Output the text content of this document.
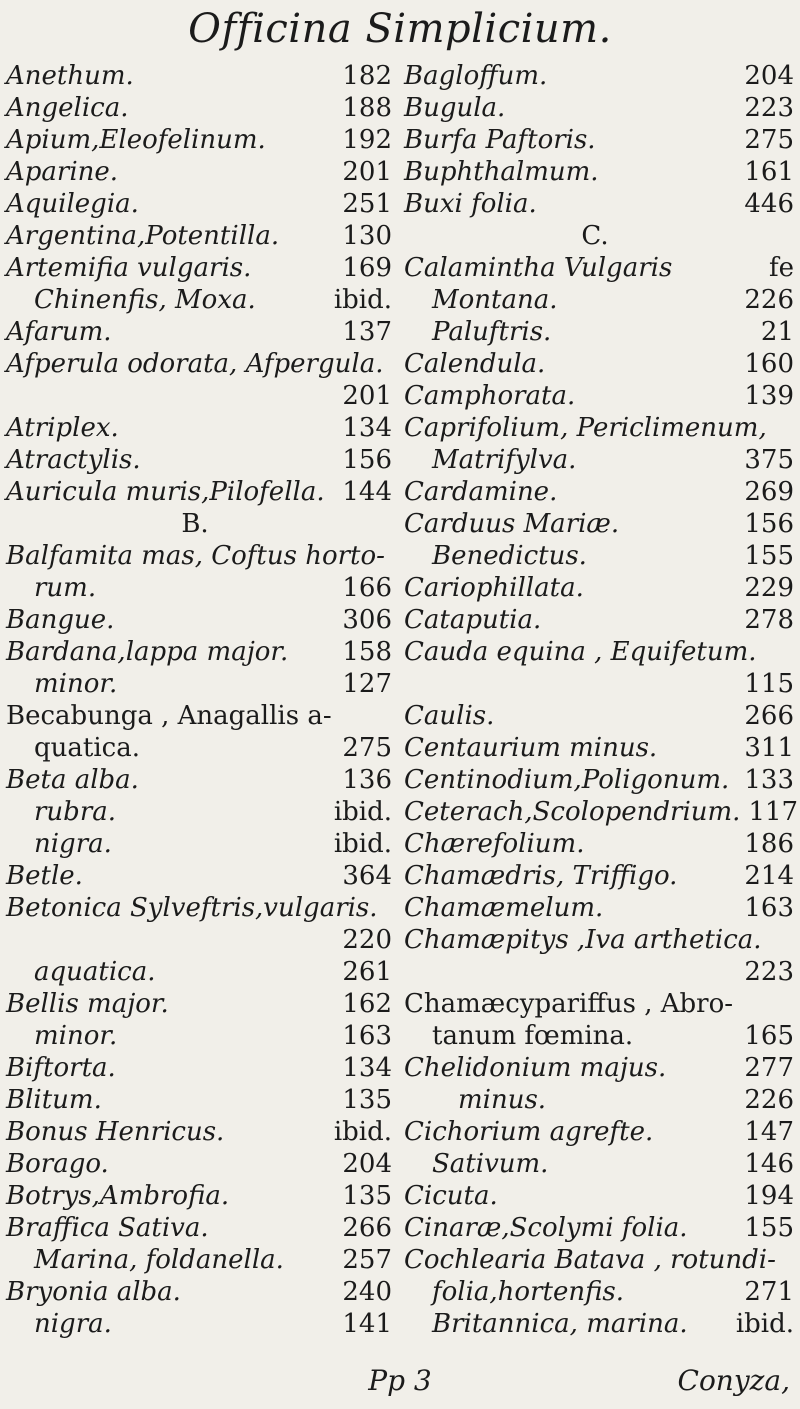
Officina Simplicium.
Anethum.	182
Angelica.	188
Apium,Eleofelinum.	192
Aparine.	201
Aquilegia.	251
Argentina,Potentilla. 130
Artemifia vulgaris.	169
Chinenfis, Moxa.	ibid.
Afarum.	137
Afperula odorata, Afpergula.
201
Atriplex.	134
Atractylis.	156
Auricula muris,Pilofella. 144
B.
Balfamita mas, Coftus horto-
rum.	166
Bangue.	306
Bardana,lappa major. 158
minor.	127
Becabunga , Anagallis a-
quatica.	275
Beta alba.	136
rubra.	ibid.
nigra.	ibid.
Betle.	364
Betonica Sylveftris,vulgaris.
220
aquatica.	261
Bellis major.	162
minor.	163
Biftorta.	134
Blitum.	135
Bonus Henricus.	ibid.
Borago.	204
Botrys,Ambrofia.	135
Braffica Sativa.	266
Marina, foldanella. 257
Bryonia alba.	240
nigra.	141
Bagloffum.	204
Bugula.	223
Burfa Paftoris.	275
Buphthalmum.	161
Buxi folia.	446
C.
Calamintha Vulgaris	fe
Montana.	226
Paluftris.	21
Calendula.	160
Camphorata.	139
Caprifolium, Periclimenum,
Matrifylva.	375
Cardamine.	269
Carduus Mariæ.	156
Benedictus.	155
Cariophillata.	229
Cataputia.	278
Cauda equina , Equifetum.
115
Caulis.	266
Centaurium minus.	311
Centinodium,Poligonum. 133
Ceterach,Scolopendrium. 117
Chærefolium.	186
Chamædris, Triffigo.	214
Chamæmelum.	163
Chamæpitys ,Iva arthetica.
223
Chamæcypariffus , Abro-
tanum fœmina.	165
Chelidonium majus.	277
minus.	226
Cichorium agrefte.	147
Sativum.	146
Cicuta.	194
Cinaræ,Scolymi folia. 155
Cochlearia Batava , rotundi-
folia,hortenfis.	271
Britannica, marina. ibid.
Pp 3	Conyza,
